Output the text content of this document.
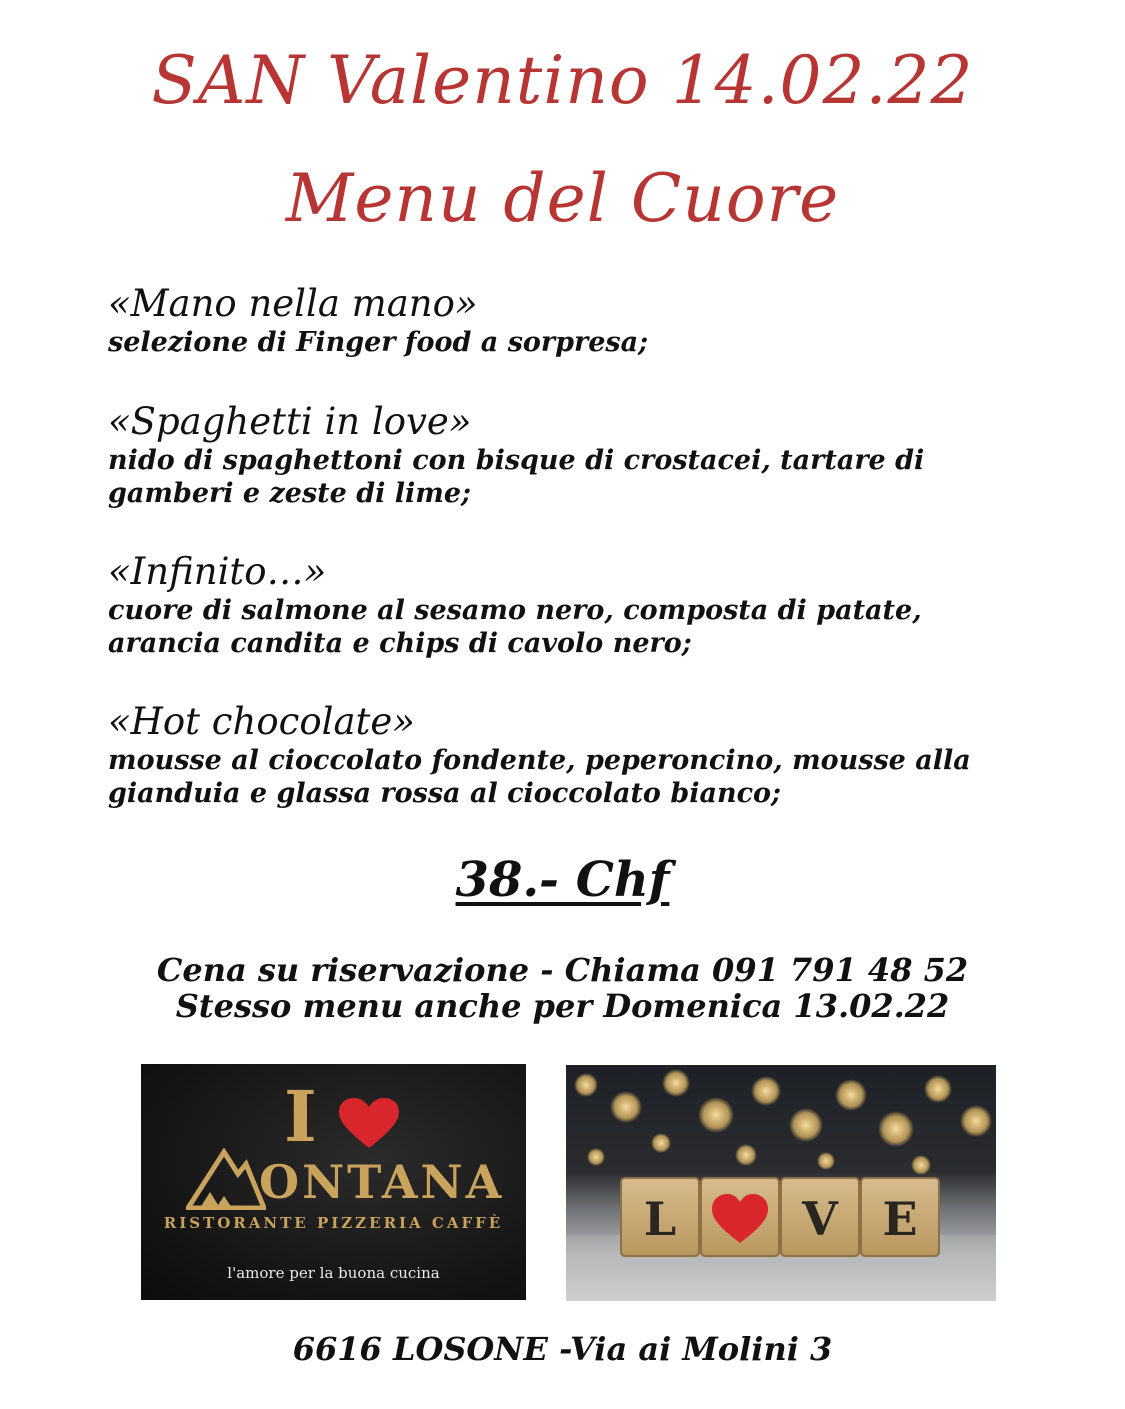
SAN Valentino 14.02.22
Menu del Cuore

«Mano nella mano»

selezione di Finger food a sorpresa;

«Spaghetti in love»

nido di spaghettoni con bisque di crostacei, tartare di

gamberi e zeste di lime;

«Infinito…»

cuore di salmone al sesamo nero, composta di patate,

arancia candita e chips di cavolo nero;

«Hot chocolate»

mousse al cioccolato fondente, peperoncino, mousse alla

gianduia e glassa rossa al cioccolato bianco;

38.- Chf
Cena su riservazione - Chiama 091 791 48 52
Stesso menu anche per Domenica 13.02.22
I
ONTANA
RISTORANTE PIZZERIA CAFFÈ
l'amore per la buona cucina
L	V E
6616 LOSONE -Via ai Molini 3
